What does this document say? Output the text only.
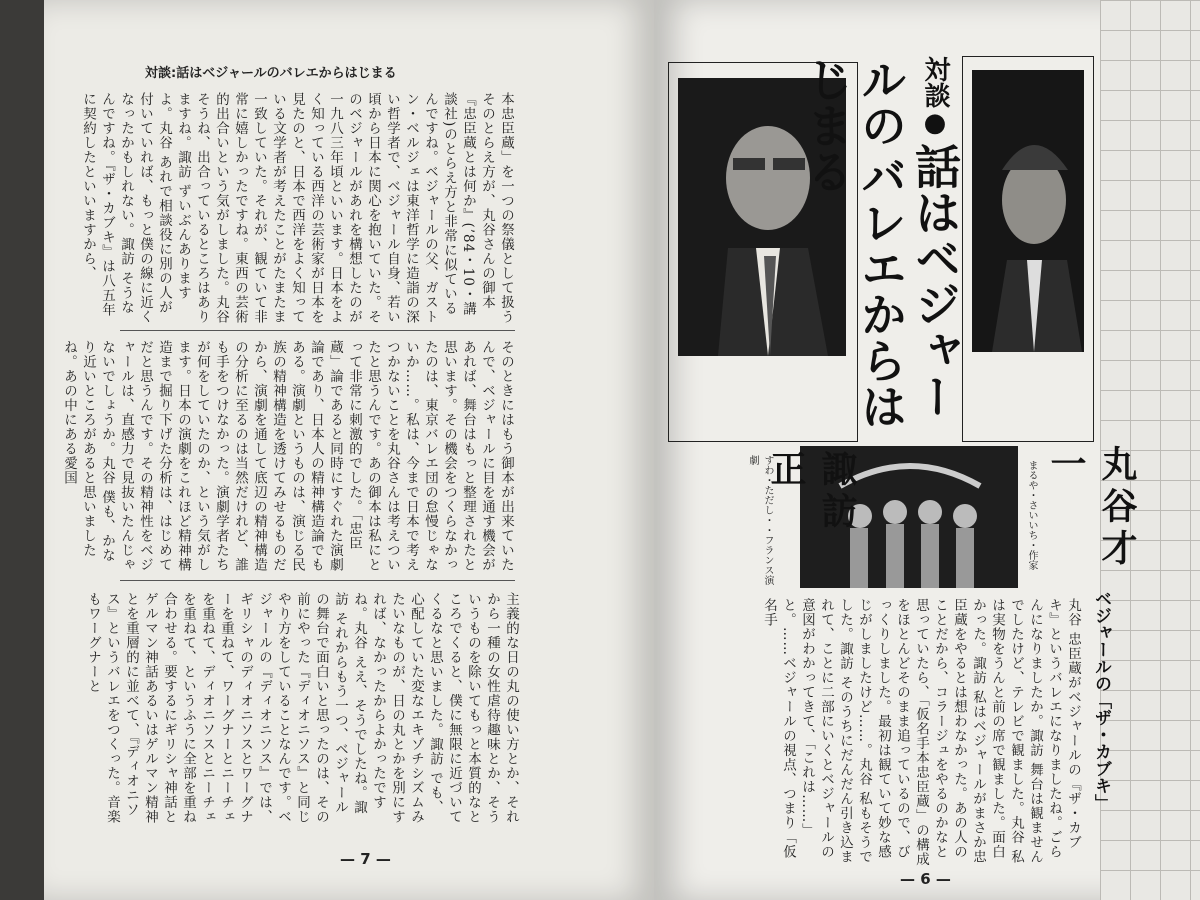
対談:話はベジャールのバレエからはじまる
本忠臣蔵」を一つの祭儀として扱うそのとらえ方が、丸谷さんの御本『忠臣蔵とは何か』(’84・10・講談社)のとらえ方と非常に似ているんですね。ベジャールの父、ガストン・ベルジェは東洋哲学に造詣の深い哲学者で、ベジャール自身、若い頃から日本に関心を抱いていた。そのベジャールがあれを構想したのが一九八三年頃といいます。日本をよく知っている西洋の芸術家が日本を見たのと、日本で西洋をよく知っている文学者が考えたことがたまたま一致していた。それが、観ていて非常に嬉しかったですね。東西の芸術的出合いという気がしました。丸谷 そうね、出合っているところはありますね。諏訪 ずいぶんありますよ。丸谷 あれで相談役に別の人が付いていれば、もっと僕の線に近くなったかもしれない。諏訪 そうなんですね。『ザ・カブキ』は八五年に契約したといいますから、
そのときにはもう御本が出来ていたんで、ベジャールに目を通す機会があれば、舞台はもっと整理されたと思います。その機会をつくらなかったのは、東京バレエ団の怠慢じゃないか……。私は、今まで日本で考えつかないことを丸谷さんは考えついたと思うんです。あの御本は私にとって非常に刺激的でした。「忠臣蔵」論であると同時にすぐれた演劇論であり、日本人の精神構造論でもある。演劇というものは、演じる民族の精神構造を透けてみせるものだから、演劇を通して底辺の精神構造の分析に至るのは当然だけれど、誰も手をつけなかった。演劇学者たちが何をしていたのか、という気がします。日本の演劇をこれほど精神構造まで掘り下げた分析は、はじめてだと思うんです。その精神性をベジャールは、直感力で見抜いたんじゃないでしょうか。丸谷 僕も、かなり近いところがあると思いましたね。あの中にある愛国
主義的な日の丸の使い方とか、それから一種の女性虐待趣味とか、そういうものを除いてもっと本質的なところでくると、僕に無限に近づいてくるなと思いました。諏訪 でも、心配していた変なエキゾチシズムみたいなものが、日の丸とかを別にすれば、なかったからよかったですね。丸谷 ええ、そうでしたね。諏訪 それからもう一つ、ベジャールの舞台で面白いと思ったのは、その前にやった『ディオニソス』と同じやり方をしていることなんです。ベジャールの『ディオニソス』では、ギリシャのディオニソスとワーグナーを重ねて、ワーグナーとニーチェを重ねて、ディオニソスとニーチェを重ねて、というふうに全部を重ね合わせる。要するにギリシャ神話とゲルマン神話あるいはゲルマン精神とを重層的に並べて、『ディオニソス』というバレエをつくった。音楽もワーグナーと
— 7 —
対談● 話はベジャールの バレエからはじまる
丸谷才一
まるや・さいいち・作家
諏訪　正
すわ・ただし・・フランス演劇
ベジャールの「ザ・カブキ」
丸谷 忠臣蔵がベジャールの『ザ・カブキ』というバレエになりましたね。ごらんになりましたか。諏訪 舞台は観ませんでしたけど、テレビで観ました。丸谷 私は実物をうんと前の席で観ました。面白かった。諏訪 私はベジャールがまさか忠臣蔵をやるとは想わなかった。あの人のことだから、コラージュをやるのかなと思っていたら、「仮名手本忠臣蔵」の構成をほとんどそのまま追っているので、びっくりしました。最初は観ていて妙な感じがしましたけど……。丸谷 私もそうでした。諏訪 そのうちにだんだん引き込まれて、ことに二部にいくとベジャールの意図がわかってきて、「これは……」と。……ベジャールの視点、つまり「仮名手
— 6 —
